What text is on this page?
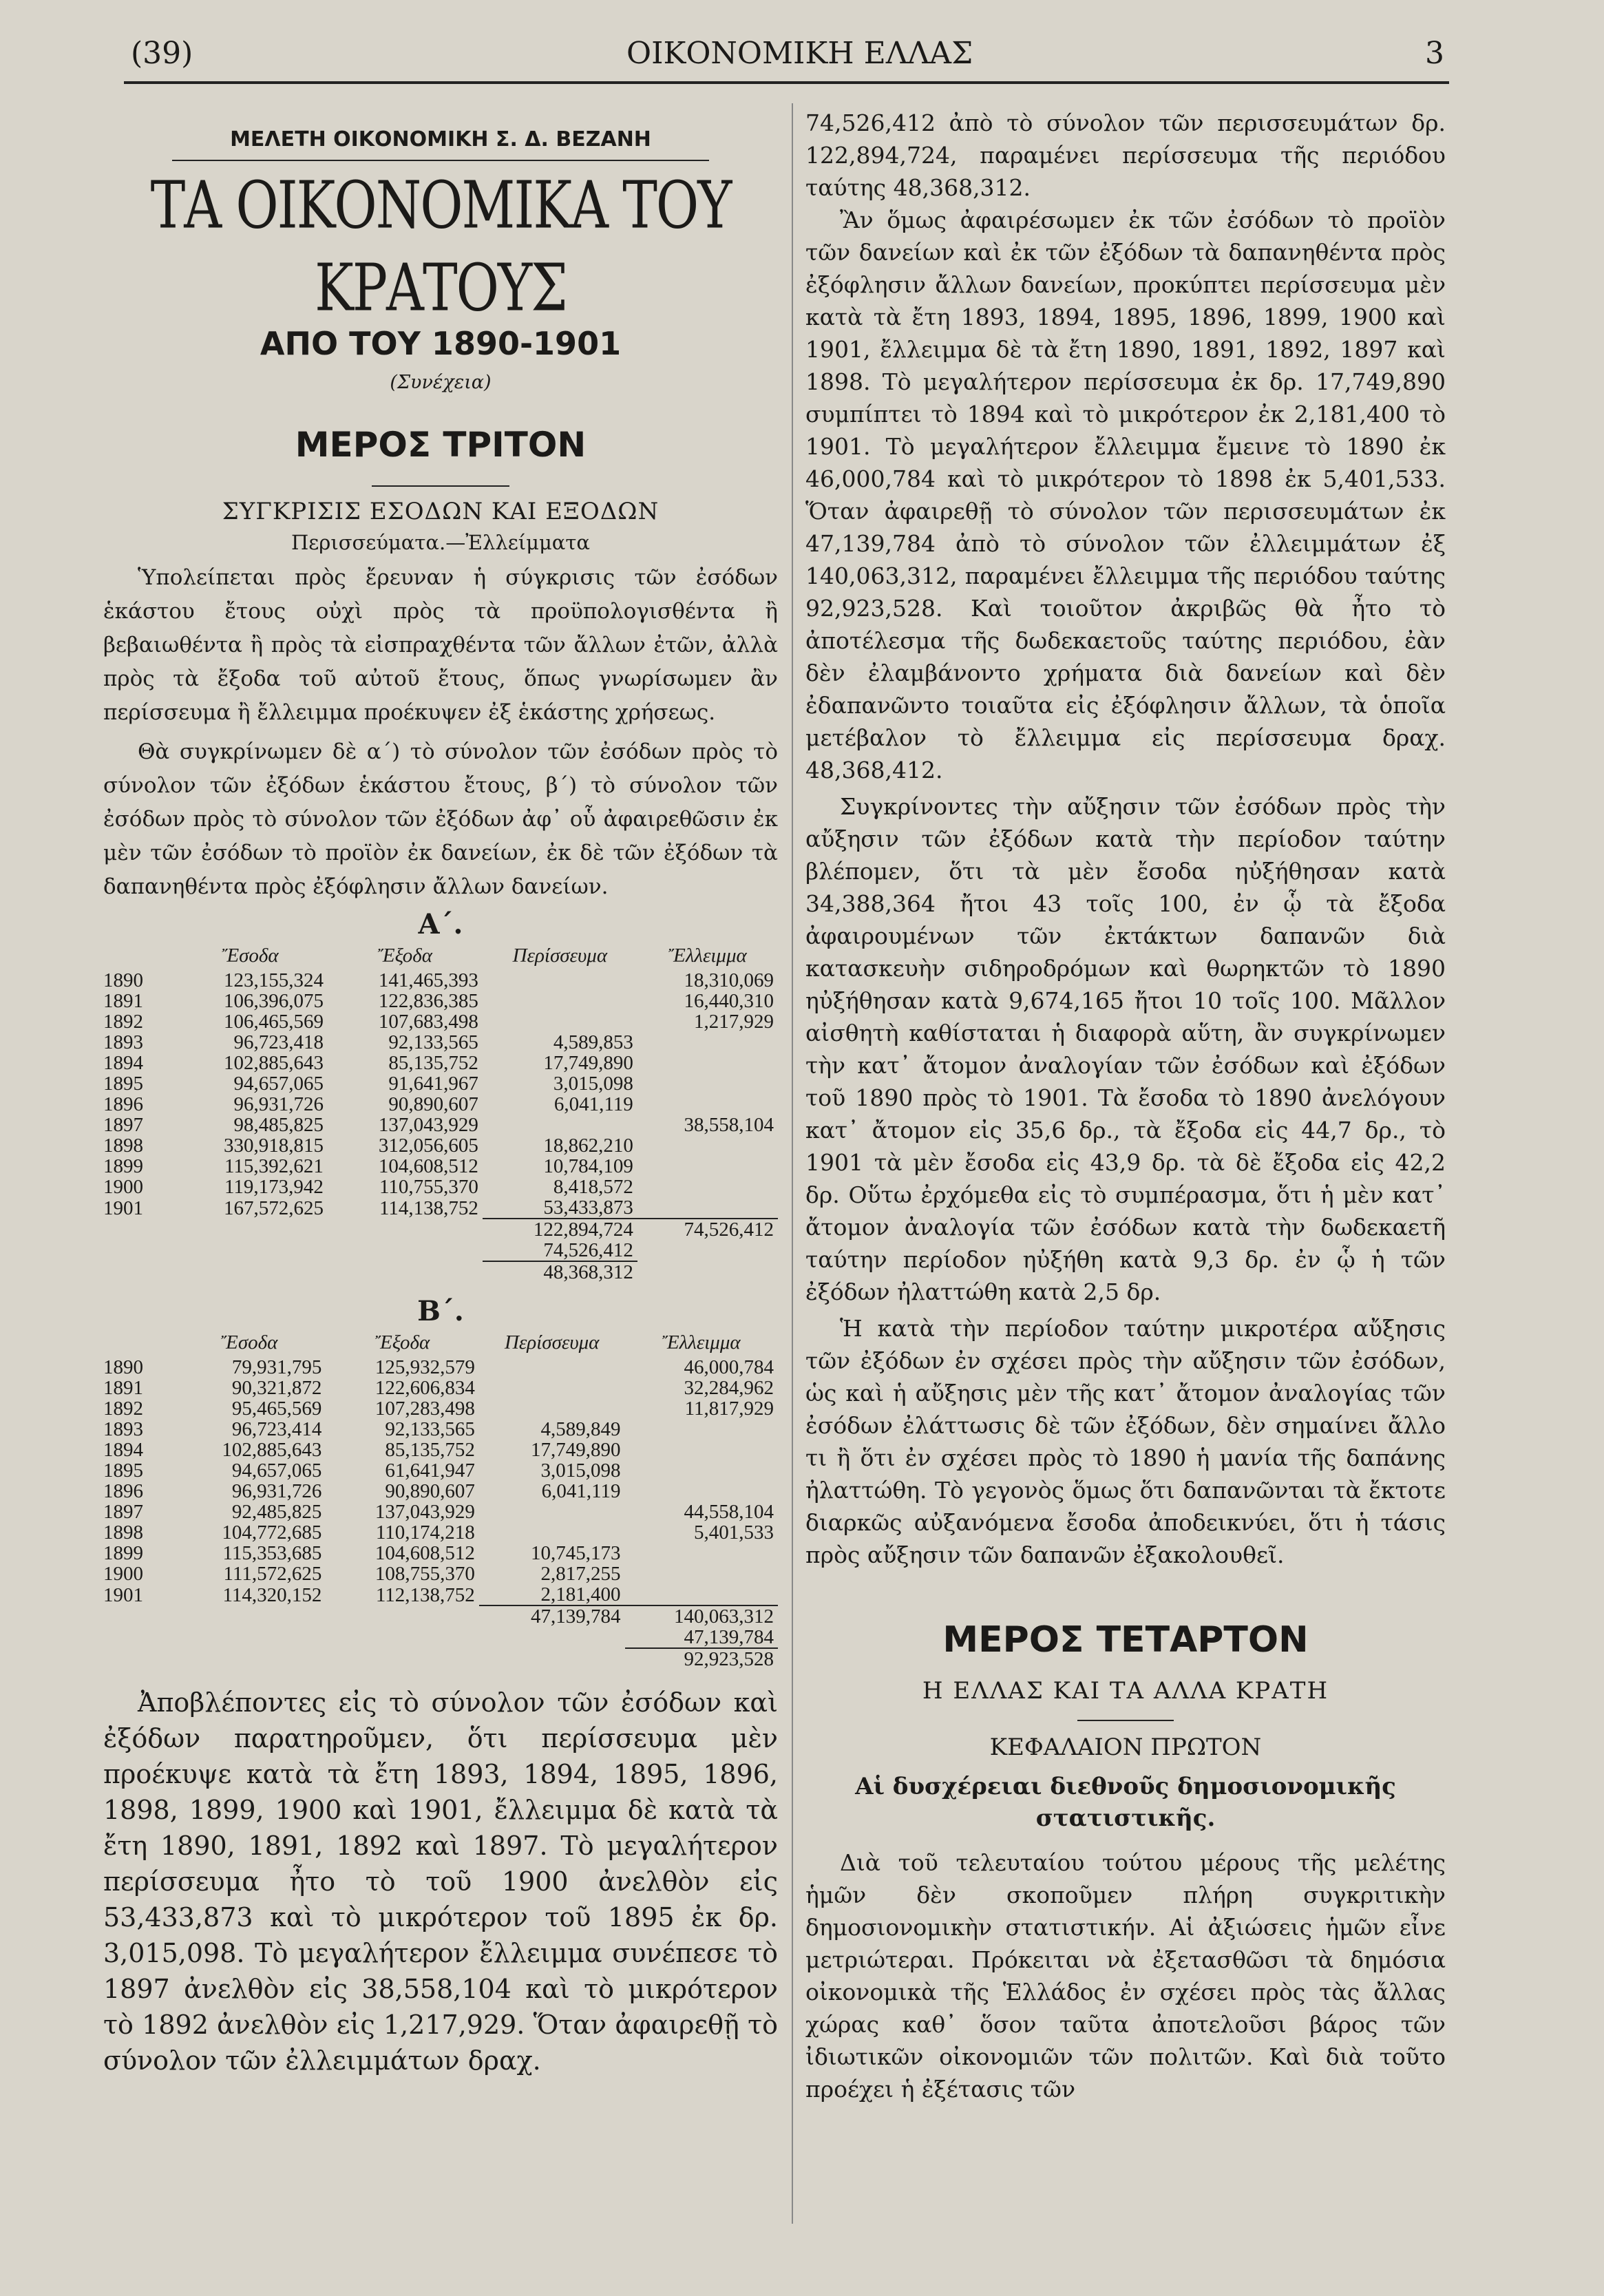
(39)	ΟΙΚΟΝΟΜΙΚΗ ΕΛΛΑΣ	3
ΜΕΛΕΤΗ ΟΙΚΟΝΟΜΙΚΗ Σ. Δ. ΒΕΖΑΝΗ
ΤΑ ΟΙΚΟΝΟΜΙΚΑ ΤΟΥ ΚΡΑΤΟΥΣ
ΑΠΟ ΤΟΥ 1890-1901
(Συνέχεια)
ΜΕΡΟΣ ΤΡΙΤΟΝ
ΣΥΓΚΡΙΣΙΣ ΕΣΟΔΩΝ ΚΑΙ ΕΞΟΔΩΝ
Περισσεύματα.—Ἐλλείμματα

Ὑπολείπεται πρὸς ἔρευναν ἡ σύγκρισις τῶν ἐσόδων ἑκάστου ἔτους οὐχὶ πρὸς τὰ προϋπολογισθέντα ἢ βεβαιωθέντα ἢ πρὸς τὰ εἰσπραχθέντα τῶν ἄλλων ἐτῶν, ἀλλὰ πρὸς τὰ ἔξοδα τοῦ αὐτοῦ ἔτους, ὅπως γνωρίσωμεν ἂν περίσσευμα ἢ ἔλλειμμα προέκυψεν ἐξ ἑκάστης χρήσεως.

Θὰ συγκρίνωμεν δὲ α΄) τὸ σύνολον τῶν ἐσόδων πρὸς τὸ σύνολον τῶν ἐξόδων ἑκάστου ἔτους, β΄) τὸ σύνολον τῶν ἐσόδων πρὸς τὸ σύνολον τῶν ἐξόδων ἀφ᾽ οὗ ἀφαιρεθῶσιν ἐκ μὲν τῶν ἐσόδων τὸ προϊὸν ἐκ δανείων, ἐκ δὲ τῶν ἐξόδων τὰ δαπανηθέντα πρὸς ἐξόφλησιν ἄλλων δανείων.

Α΄.
	Ἔσοδα	Ἔξοδα	Περίσσευμα	Ἔλλειμμα
1890	123,155,324	141,465,393		18,310,069
1891	106,396,075	122,836,385		16,440,310
1892	106,465,569	107,683,498		1,217,929
1893	96,723,418	92,133,565	4,589,853	
1894	102,885,643	85,135,752	17,749,890	
1895	94,657,065	91,641,967	3,015,098	
1896	96,931,726	90,890,607	6,041,119	
1897	98,485,825	137,043,929		38,558,104
1898	330,918,815	312,056,605	18,862,210	
1899	115,392,621	104,608,512	10,784,109	
1900	119,173,942	110,755,370	8,418,572	
1901	167,572,625	114,138,752	53,433,873	
			122,894,724	74,526,412
			74,526,412	
			48,368,312	
Β΄.
	Ἔσοδα	Ἔξοδα	Περίσσευμα	Ἔλλειμμα
1890	79,931,795	125,932,579		46,000,784
1891	90,321,872	122,606,834		32,284,962
1892	95,465,569	107,283,498		11,817,929
1893	96,723,414	92,133,565	4,589,849	
1894	102,885,643	85,135,752	17,749,890	
1895	94,657,065	61,641,947	3,015,098	
1896	96,931,726	90,890,607	6,041,119	
1897	92,485,825	137,043,929		44,558,104
1898	104,772,685	110,174,218		5,401,533
1899	115,353,685	104,608,512	10,745,173	
1900	111,572,625	108,755,370	2,817,255	
1901	114,320,152	112,138,752	2,181,400	
			47,139,784	140,063,312
				47,139,784
				92,923,528

Ἀποβλέποντες εἰς τὸ σύνολον τῶν ἐσόδων καὶ ἐξόδων παρατηροῦμεν, ὅτι περίσσευμα μὲν προέκυψε κατὰ τὰ ἔτη 1893, 1894, 1895, 1896, 1898, 1899, 1900 καὶ 1901, ἔλλειμμα δὲ κατὰ τὰ ἔτη 1890, 1891, 1892 καὶ 1897. Τὸ μεγαλήτερον περίσσευμα ἦτο τὸ τοῦ 1900 ἀνελθὸν εἰς 53,433,873 καὶ τὸ μικρότερον τοῦ 1895 ἐκ δρ. 3,015,098. Τὸ μεγαλήτερον ἔλλειμμα συνέπεσε τὸ 1897 ἀνελθὸν εἰς 38,558,104 καὶ τὸ μικρότερον τὸ 1892 ἀνελθὸν εἰς 1,217,929. Ὅταν ἀφαιρεθῇ τὸ σύνολον τῶν ἐλλειμμάτων δραχ.

74,526,412 ἀπὸ τὸ σύνολον τῶν περισσευμάτων δρ. 122,894,724, παραμένει περίσσευμα τῆς περιόδου ταύτης 48,368,312.

Ἂν ὅμως ἀφαιρέσωμεν ἐκ τῶν ἐσόδων τὸ προϊὸν τῶν δανείων καὶ ἐκ τῶν ἐξόδων τὰ δαπανηθέντα πρὸς ἐξόφλησιν ἄλλων δανείων, προκύπτει περίσσευμα μὲν κατὰ τὰ ἔτη 1893, 1894, 1895, 1896, 1899, 1900 καὶ 1901, ἔλλειμμα δὲ τὰ ἔτη 1890, 1891, 1892, 1897 καὶ 1898. Τὸ μεγαλήτερον περίσσευμα ἐκ δρ. 17,749,890 συμπίπτει τὸ 1894 καὶ τὸ μικρότερον ἐκ 2,181,400 τὸ 1901. Τὸ μεγαλήτερον ἔλλειμμα ἔμεινε τὸ 1890 ἐκ 46,000,784 καὶ τὸ μικρότερον τὸ 1898 ἐκ 5,401,533. Ὅταν ἀφαιρεθῇ τὸ σύνολον τῶν περισσευμάτων ἐκ 47,139,784 ἀπὸ τὸ σύνολον τῶν ἐλλειμμάτων ἐξ 140,063,312, παραμένει ἔλλειμμα τῆς περιόδου ταύτης 92,923,528. Καὶ τοιοῦτον ἀκριβῶς θὰ ἦτο τὸ ἀποτέλεσμα τῆς δωδεκαετοῦς ταύτης περιόδου, ἐὰν δὲν ἐλαμβάνοντο χρήματα διὰ δανείων καὶ δὲν ἐδαπανῶντο τοιαῦτα εἰς ἐξόφλησιν ἄλλων, τὰ ὁποῖα μετέβαλον τὸ ἔλλειμμα εἰς περίσσευμα δραχ. 48,368,412.

Συγκρίνοντες τὴν αὔξησιν τῶν ἐσόδων πρὸς τὴν αὔξησιν τῶν ἐξόδων κατὰ τὴν περίοδον ταύτην βλέπομεν, ὅτι τὰ μὲν ἔσοδα ηὐξήθησαν κατὰ 34,388,364 ἤτοι 43 τοῖς 100, ἐν ᾧ τὰ ἔξοδα ἀφαιρουμένων τῶν ἐκτάκτων δαπανῶν διὰ κατασκευὴν σιδηροδρόμων καὶ θωρηκτῶν τὸ 1890 ηὐξήθησαν κατὰ 9,674,165 ἤτοι 10 τοῖς 100. Μᾶλλον αἰσθητὴ καθίσταται ἡ διαφορὰ αὕτη, ἂν συγκρίνωμεν τὴν κατ᾽ ἄτομον ἀναλογίαν τῶν ἐσόδων καὶ ἐξόδων τοῦ 1890 πρὸς τὸ 1901. Τὰ ἔσοδα τὸ 1890 ἀνελόγουν κατ᾽ ἄτομον εἰς 35,6 δρ., τὰ ἔξοδα εἰς 44,7 δρ., τὸ 1901 τὰ μὲν ἔσοδα εἰς 43,9 δρ. τὰ δὲ ἔξοδα εἰς 42,2 δρ. Οὕτω ἐρχόμεθα εἰς τὸ συμπέρασμα, ὅτι ἡ μὲν κατ᾽ ἄτομον ἀναλογία τῶν ἐσόδων κατὰ τὴν δωδεκαετῆ ταύτην περίοδον ηὐξήθη κατὰ 9,3 δρ. ἐν ᾧ ἡ τῶν ἐξόδων ἠλαττώθη κατὰ 2,5 δρ.

Ἡ κατὰ τὴν περίοδον ταύτην μικροτέρα αὔξησις τῶν ἐξόδων ἐν σχέσει πρὸς τὴν αὔξησιν τῶν ἐσόδων, ὡς καὶ ἡ αὔξησις μὲν τῆς κατ᾽ ἄτομον ἀναλογίας τῶν ἐσόδων ἐλάττωσις δὲ τῶν ἐξόδων, δὲν σημαίνει ἄλλο τι ἢ ὅτι ἐν σχέσει πρὸς τὸ 1890 ἡ μανία τῆς δαπάνης ἠλαττώθη. Τὸ γεγονὸς ὅμως ὅτι δαπανῶνται τὰ ἔκτοτε διαρκῶς αὐξανόμενα ἔσοδα ἀποδεικνύει, ὅτι ἡ τάσις πρὸς αὔξησιν τῶν δαπανῶν ἐξακολουθεῖ.

ΜΕΡΟΣ ΤΕΤΑΡΤΟΝ
Η ΕΛΛΑΣ ΚΑΙ ΤΑ ΑΛΛΑ ΚΡΑΤΗ
ΚΕΦΑΛΑΙΟΝ ΠΡΩΤΟΝ
Αἱ δυσχέρειαι διεθνοῦς δημοσιονομικῆς στατιστικῆς.

Διὰ τοῦ τελευταίου τούτου μέρους τῆς μελέτης ἡμῶν δὲν σκοποῦμεν πλήρη συγκριτικὴν δημοσιονομικὴν στατιστικήν. Αἱ ἀξιώσεις ἡμῶν εἶνε μετριώτεραι. Πρόκειται νὰ ἐξετασθῶσι τὰ δημόσια οἰκονομικὰ τῆς Ἑλλάδος ἐν σχέσει πρὸς τὰς ἄλλας χώρας καθ᾽ ὅσον ταῦτα ἀποτελοῦσι βάρος τῶν ἰδιωτικῶν οἰκονομιῶν τῶν πολιτῶν. Καὶ διὰ τοῦτο προέχει ἡ ἐξέτασις τῶν
